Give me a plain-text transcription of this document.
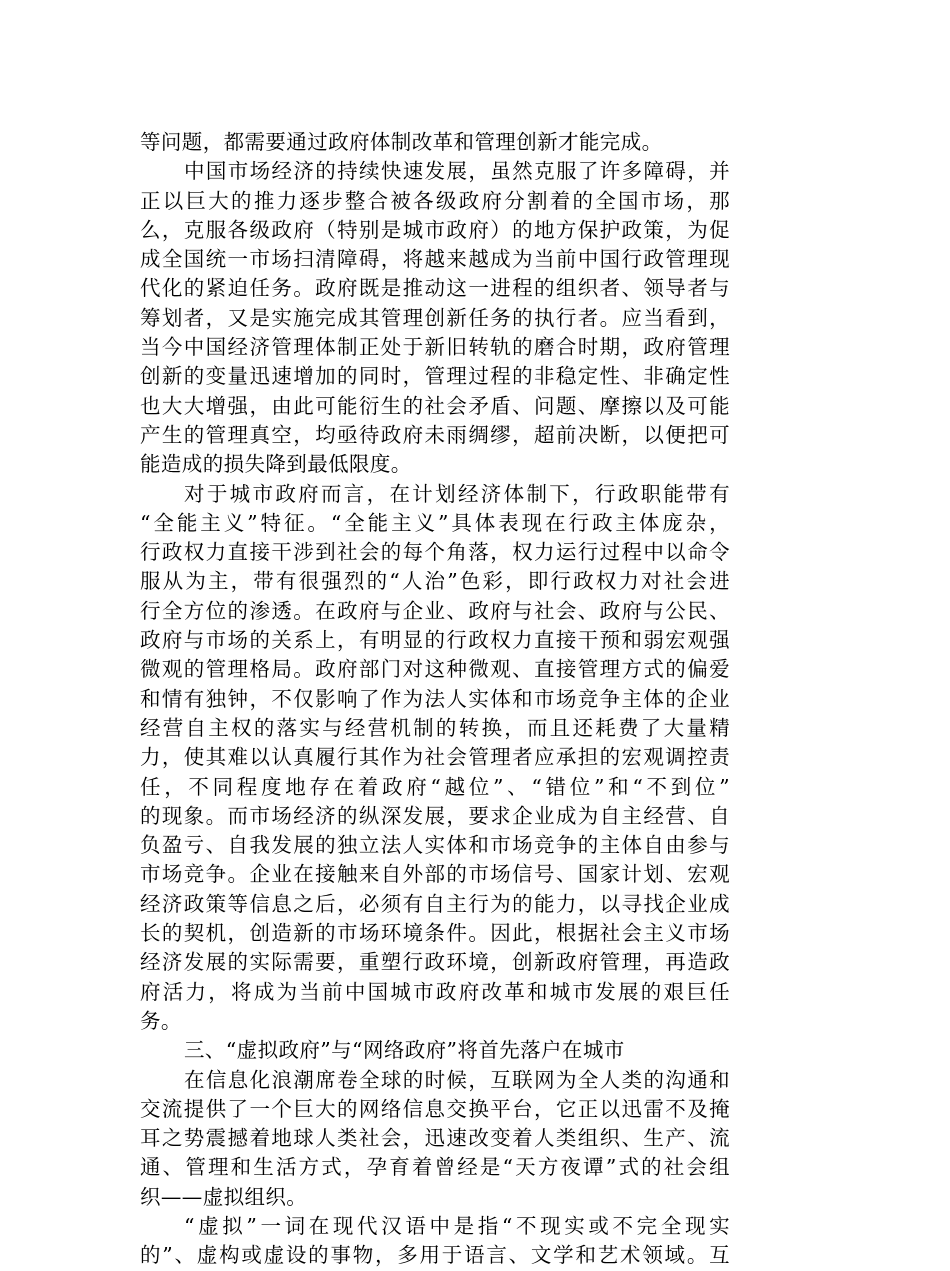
等问题，都需要通过政府体制改革和管理创新才能完成。
中国市场经济的持续快速发展，虽然克服了许多障碍，并
正以巨大的推力逐步整合被各级政府分割着的全国市场，那
么，克服各级政府（特别是城市政府）的地方保护政策，为促
成全国统一市场扫清障碍，将越来越成为当前中国行政管理现
代化的紧迫任务。政府既是推动这一进程的组织者、领导者与
筹划者，又是实施完成其管理创新任务的执行者。应当看到，
当今中国经济管理体制正处于新旧转轨的磨合时期，政府管理
创新的变量迅速增加的同时，管理过程的非稳定性、非确定性
也大大增强，由此可能衍生的社会矛盾、问题、摩擦以及可能
产生的管理真空，均亟待政府未雨绸缪，超前决断，以便把可
能造成的损失降到最低限度。
对于城市政府而言，在计划经济体制下，行政职能带有
“全能主义”特征。“全能主义”具体表现在行政主体庞杂，
行政权力直接干涉到社会的每个角落，权力运行过程中以命令
服从为主，带有很强烈的“人治”色彩，即行政权力对社会进
行全方位的渗透。在政府与企业、政府与社会、政府与公民、
政府与市场的关系上，有明显的行政权力直接干预和弱宏观强
微观的管理格局。政府部门对这种微观、直接管理方式的偏爱
和情有独钟，不仅影响了作为法人实体和市场竞争主体的企业
经营自主权的落实与经营机制的转换，而且还耗费了大量精
力，使其难以认真履行其作为社会管理者应承担的宏观调控责
任，不同程度地存在着政府“越位”、“错位”和“不到位”
的现象。而市场经济的纵深发展，要求企业成为自主经营、自
负盈亏、自我发展的独立法人实体和市场竞争的主体自由参与
市场竞争。企业在接触来自外部的市场信号、国家计划、宏观
经济政策等信息之后，必须有自主行为的能力，以寻找企业成
长的契机，创造新的市场环境条件。因此，根据社会主义市场
经济发展的实际需要，重塑行政环境，创新政府管理，再造政
府活力，将成为当前中国城市政府改革和城市发展的艰巨任
务。
三、“虚拟政府”与“网络政府”将首先落户在城市
在信息化浪潮席卷全球的时候，互联网为全人类的沟通和
交流提供了一个巨大的网络信息交换平台，它正以迅雷不及掩
耳之势震撼着地球人类社会，迅速改变着人类组织、生产、流
通、管理和生活方式，孕育着曾经是“天方夜谭”式的社会组
织——虚拟组织。
“虚拟”一词在现代汉语中是指“不现实或不完全现实
的”、虚构或虚设的事物，多用于语言、文学和艺术领域。互
